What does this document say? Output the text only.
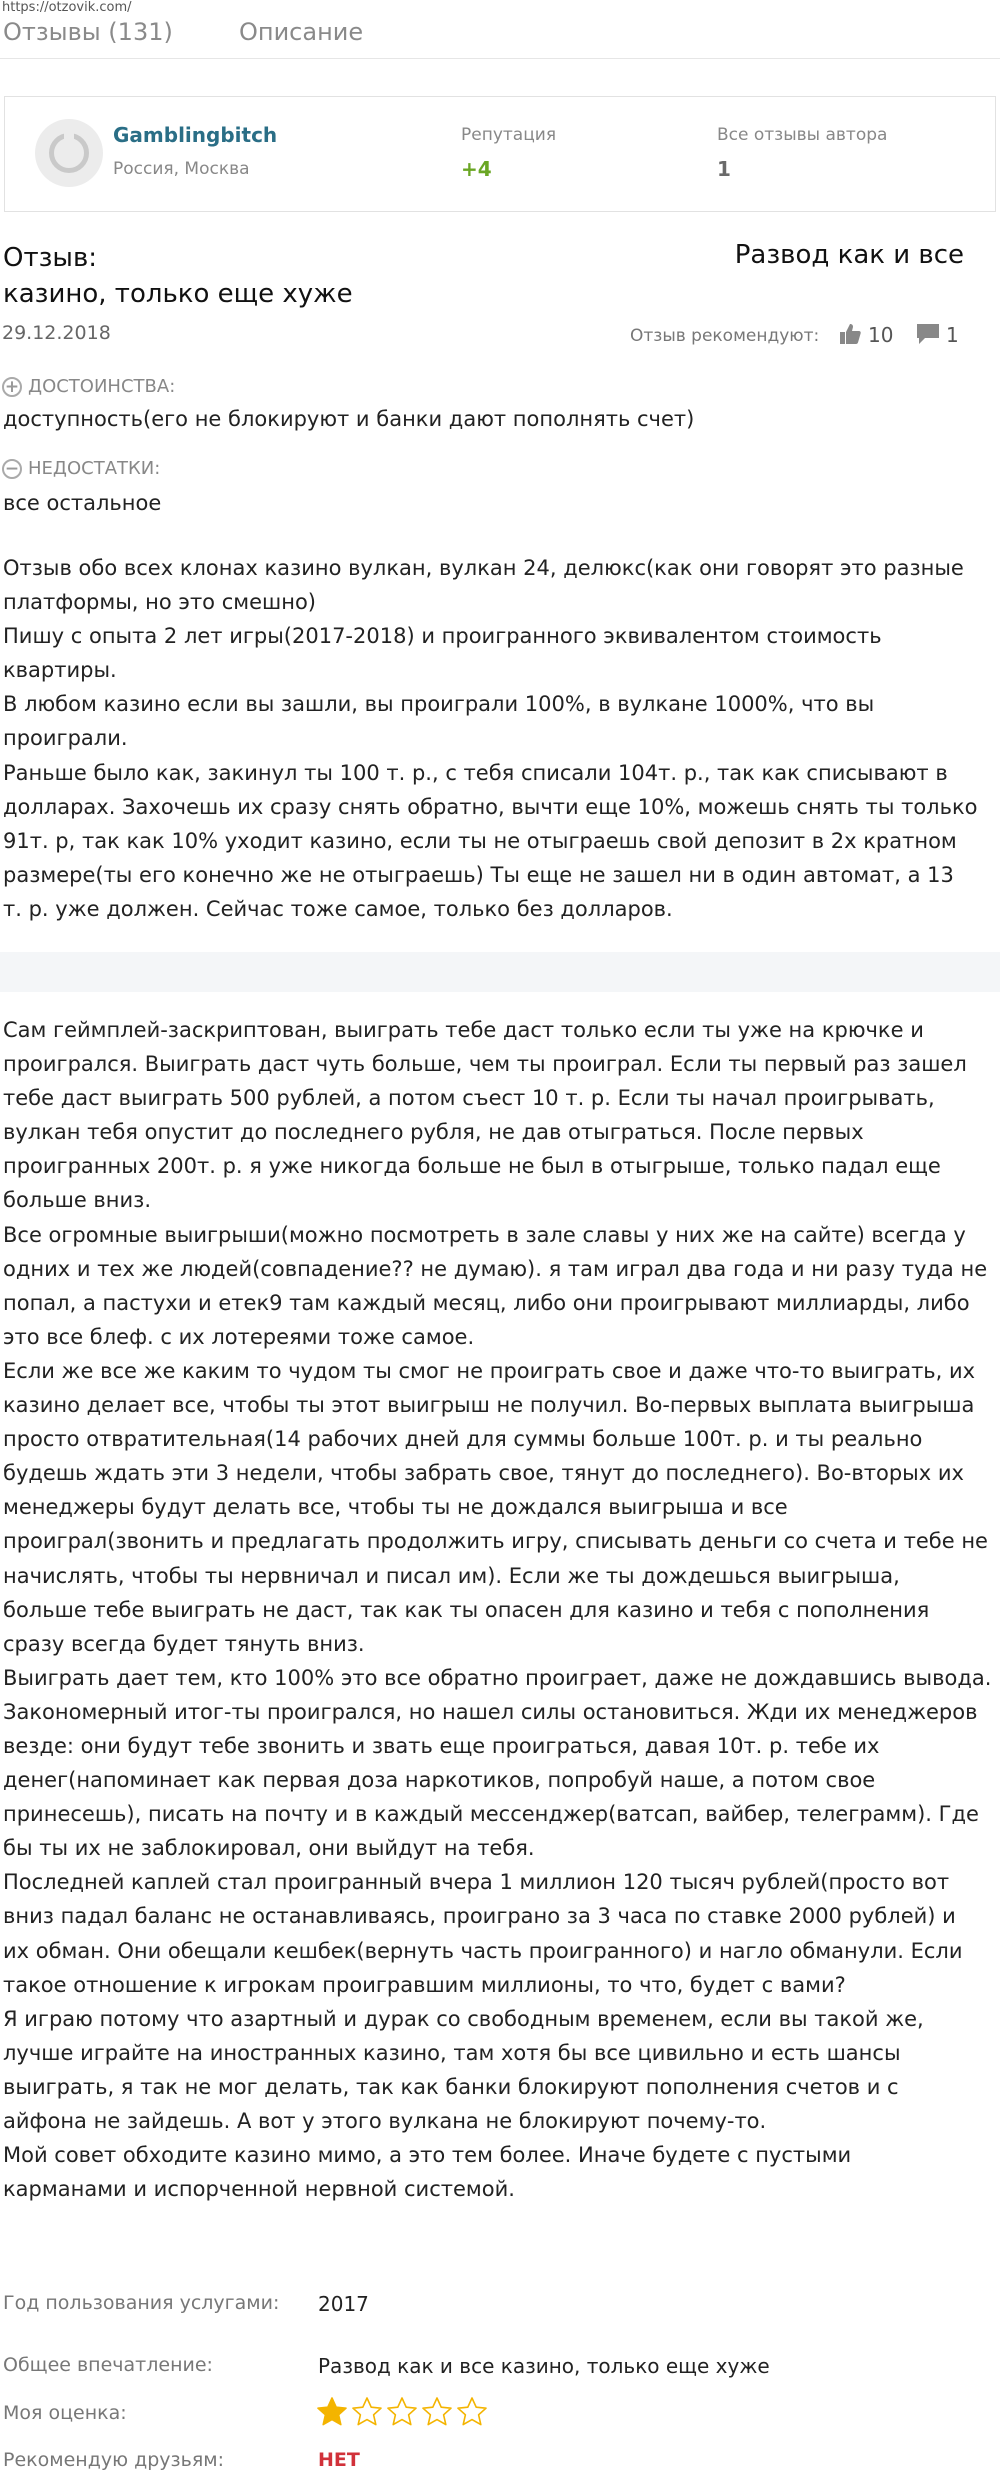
https://otzovik.com/
Отзывы (131)	Описание
Gamblingbitch
Россия, Москва
Репутация
+4
Все отзывы автора
1
Отзыв:
казино, только еще хуже
Развод как и все
29.12.2018	Отзыв рекомендуют: 10	1
+ ДОСТОИНСТВА:
доступность(его не блокируют и банки дают пополнять счет)
− НЕДОСТАТКИ:
все остальное
Отзыв обо всех клонах казино вулкан, вулкан 24, делюкс(как они говорят это разные
платформы, но это смешно)
Пишу с опыта 2 лет игры(2017-2018) и проигранного эквивалентом стоимость
квартиры.
В любом казино если вы зашли, вы проиграли 100%, в вулкане 1000%, что вы
проиграли.
Раньше было как, закинул ты 100 т. р., с тебя списали 104т. р., так как списывают в
долларах. Захочешь их сразу снять обратно, вычти еще 10%, можешь снять ты только
91т. р, так как 10% уходит казино, если ты не отыграешь свой депозит в 2х кратном
размере(ты его конечно же не отыграешь) Ты еще не зашел ни в один автомат, а 13
т. р. уже должен. Сейчас тоже самое, только без долларов.
Сам геймплей-заскриптован, выиграть тебе даст только если ты уже на крючке и
проигрался. Выиграть даст чуть больше, чем ты проиграл. Если ты первый раз зашел
тебе даст выиграть 500 рублей, а потом съест 10 т. р. Если ты начал проигрывать,
вулкан тебя опустит до последнего рубля, не дав отыграться. После первых
проигранных 200т. р. я уже никогда больше не был в отыгрыше, только падал еще
больше вниз.
Все огромные выигрыши(можно посмотреть в зале славы у них же на сайте) всегда у
одних и тех же людей(совпадение?? не думаю). я там играл два года и ни разу туда не
попал, а пастухи и етек9 там каждый месяц, либо они проигрывают миллиарды, либо
это все блеф. с их лотереями тоже самое.
Если же все же каким то чудом ты смог не проиграть свое и даже что-то выиграть, их
казино делает все, чтобы ты этот выигрыш не получил. Во-первых выплата выигрыша
просто отвратительная(14 рабочих дней для суммы больше 100т. р. и ты реально
будешь ждать эти 3 недели, чтобы забрать свое, тянут до последнего). Во-вторых их
менеджеры будут делать все, чтобы ты не дождался выигрыша и все
проиграл(звонить и предлагать продолжить игру, списывать деньги со счета и тебе не
начислять, чтобы ты нервничал и писал им). Если же ты дождешься выигрыша,
больше тебе выиграть не даст, так как ты опасен для казино и тебя с пополнения
сразу всегда будет тянуть вниз.
Выиграть дает тем, кто 100% это все обратно проиграет, даже не дождавшись вывода.
Закономерный итог-ты проигрался, но нашел силы остановиться. Жди их менеджеров
везде: они будут тебе звонить и звать еще проиграться, давая 10т. р. тебе их
денег(напоминает как первая доза наркотиков, попробуй наше, а потом свое
принесешь), писать на почту и в каждый мессенджер(ватсап, вайбер, телеграмм). Где
бы ты их не заблокировал, они выйдут на тебя.
Последней каплей стал проигранный вчера 1 миллион 120 тысяч рублей(просто вот
вниз падал баланс не останавливаясь, проиграно за 3 часа по ставке 2000 рублей) и
их обман. Они обещали кешбек(вернуть часть проигранного) и нагло обманули. Если
такое отношение к игрокам проигравшим миллионы, то что, будет с вами?
Я играю потому что азартный и дурак со свободным временем, если вы такой же,
лучше играйте на иностранных казино, там хотя бы все цивильно и есть шансы
выиграть, я так не мог делать, так как банки блокируют пополнения счетов и с
айфона не зайдешь. А вот у этого вулкана не блокируют почему-то.
Мой совет обходите казино мимо, а это тем более. Иначе будете с пустыми
карманами и испорченной нервной системой.
Год пользования услугами: 2017
Общее впечатление:	Развод как и все казино, только еще хуже
Моя оценка:
Рекомендую друзьям:	НЕТ
